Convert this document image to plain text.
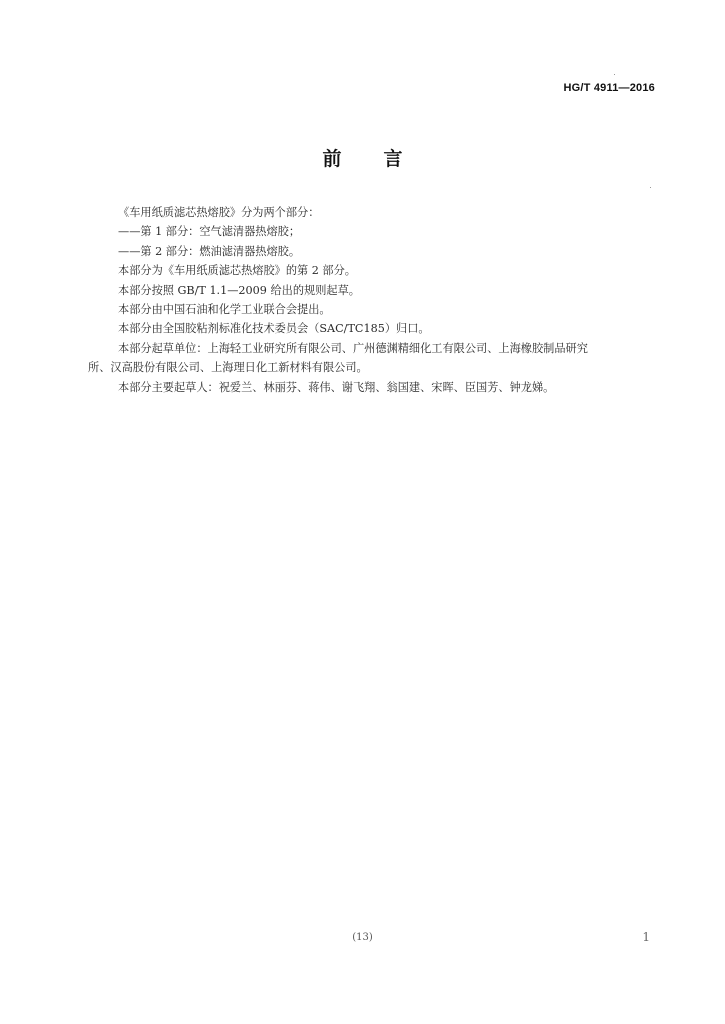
HG/T 4911—2016
前 言

《车用纸质滤芯热熔胶》分为两个部分：

——第 1 部分：空气滤清器热熔胶；

——第 2 部分：燃油滤清器热熔胶。

本部分为《车用纸质滤芯热熔胶》的第 2 部分。

本部分按照 GB/T 1.1—2009 给出的规则起草。

本部分由中国石油和化学工业联合会提出。

本部分由全国胶粘剂标准化技术委员会（SAC/TC185）归口。

本部分起草单位：上海轻工业研究所有限公司、广州德渊精细化工有限公司、上海橡胶制品研究

所、汉高股份有限公司、上海理日化工新材料有限公司。

本部分主要起草人：祝爱兰、林丽芬、蒋伟、谢飞翔、翁国建、宋晖、臣国芳、钟龙娣。

(13)	1
